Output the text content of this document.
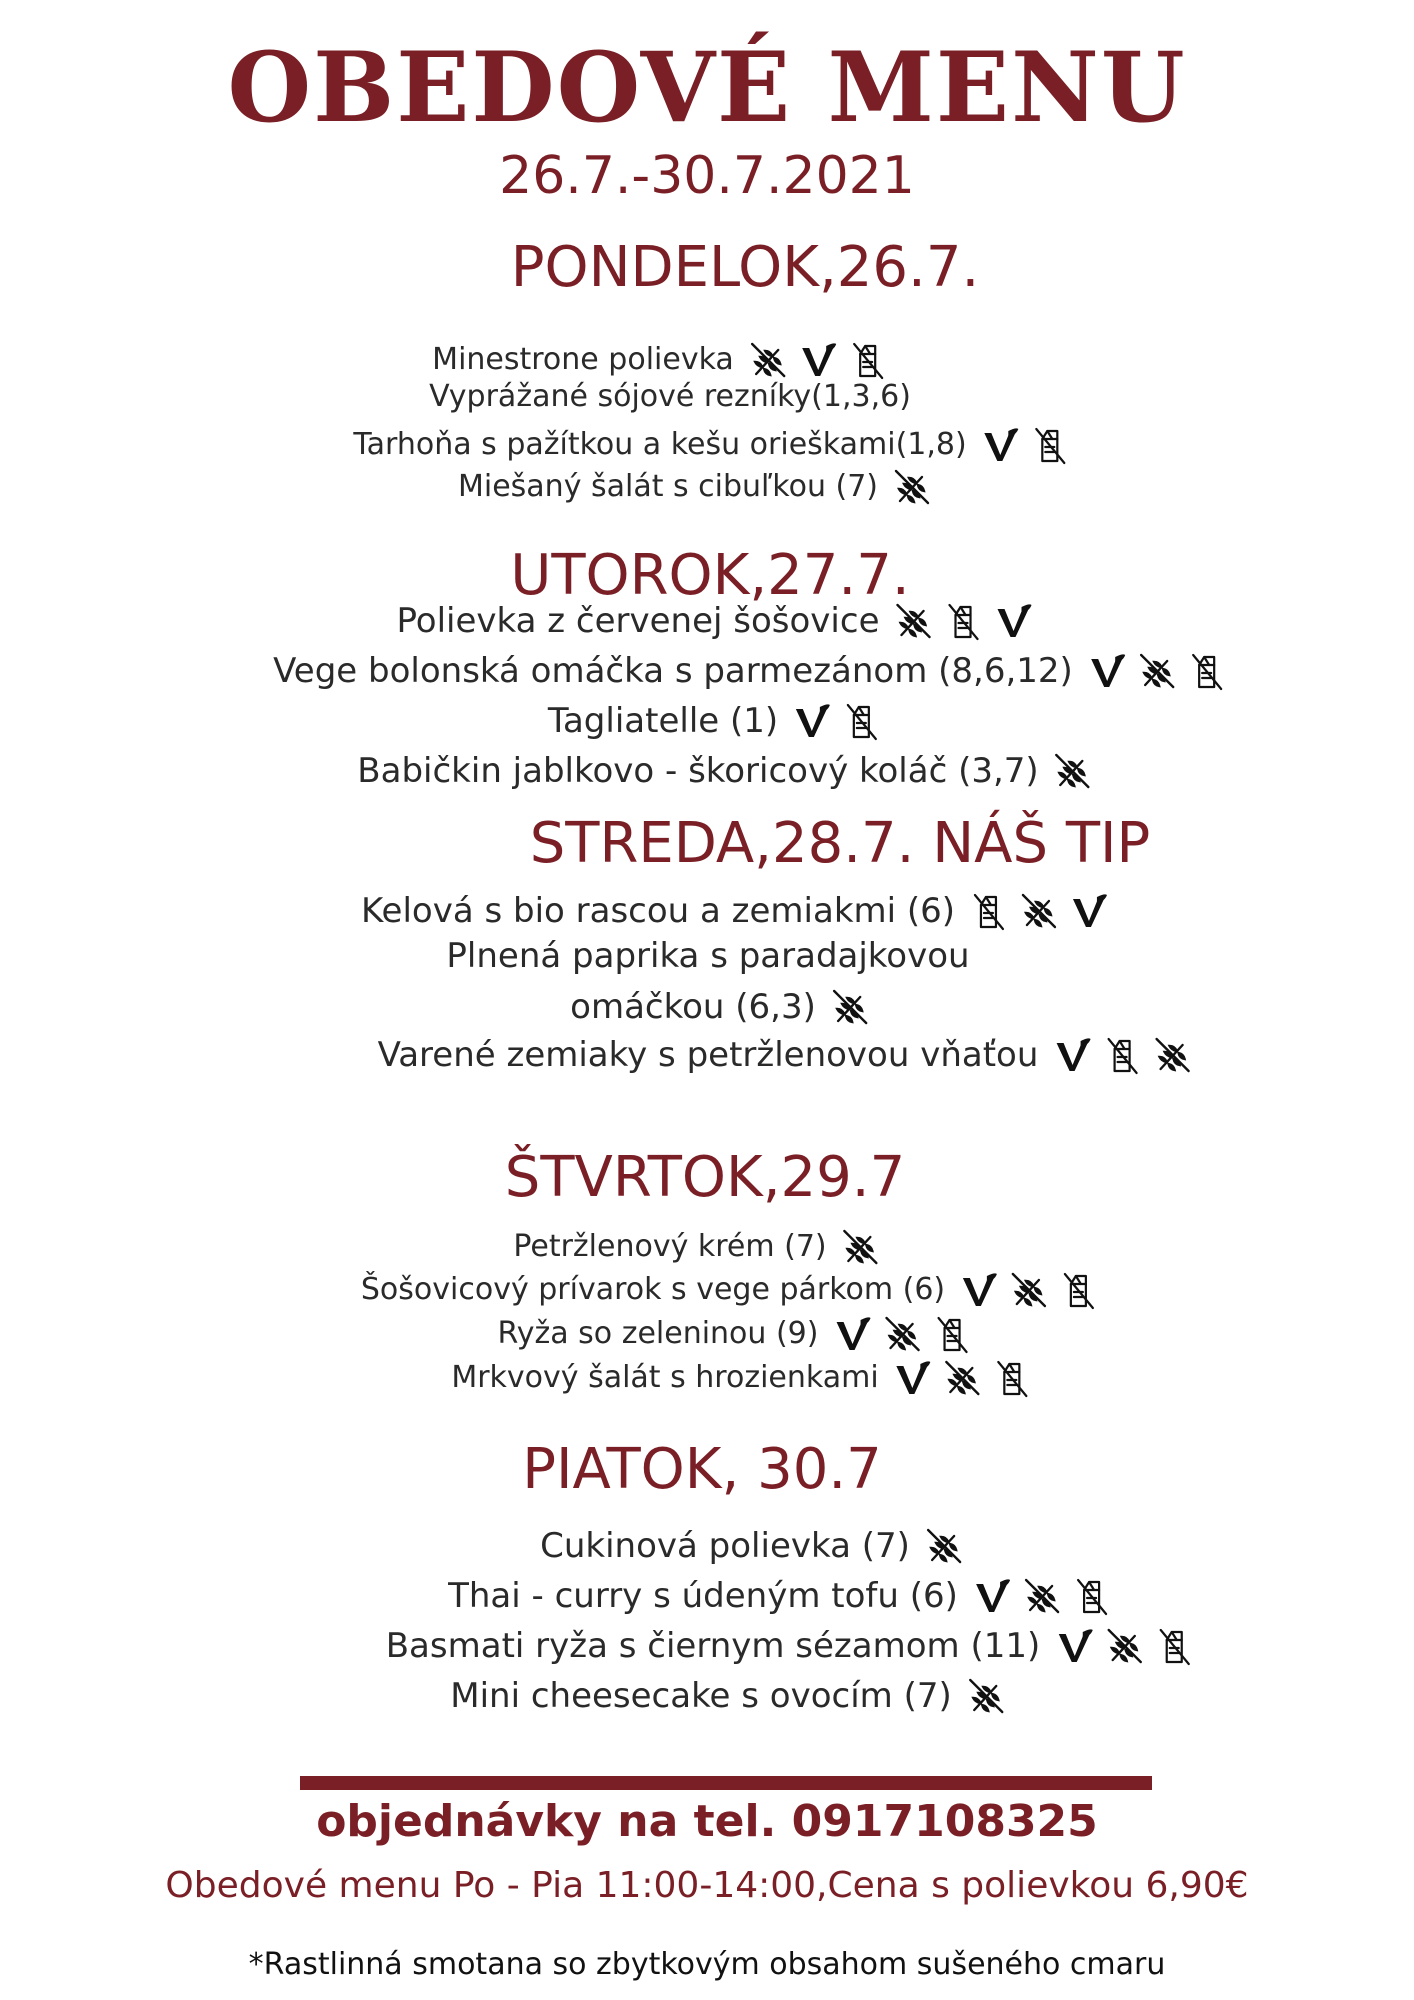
OBEDOVÉ MENU
26.7.-30.7.2021
PONDELOK,26.7.
Minestrone polievka
Vyprážané sójové rezníky(1,3,6)
Tarhoňa s pažítkou a kešu orieškami(1,8)
Miešaný šalát s cibuľkou (7)
UTOROK,27.7.
Polievka z červenej šošovice
Vege bolonská omáčka s parmezánom (8,6,12)
Tagliatelle (1)
Babičkin jablkovo - škoricový koláč (3,7)
STREDA,28.7. NÁŠ TIP
Kelová s bio rascou a zemiakmi (6)
Plnená paprika s paradajkovou
omáčkou (6,3)
Varené zemiaky s petržlenovou vňaťou
ŠTVRTOK,29.7
Petržlenový krém (7)
Šošovicový prívarok s vege párkom (6)
Ryža so zeleninou (9)
Mrkvový šalát s hrozienkami
PIATOK, 30.7
Cukinová polievka (7)
Thai - curry s údeným tofu (6)
Basmati ryža s čiernym sézamom (11)
Mini cheesecake s ovocím (7)
objednávky na tel. 0917108325
Obedové menu Po - Pia 11:00-14:00,Cena s polievkou 6,90€
*Rastlinná smotana so zbytkovým obsahom sušeného cmaru
